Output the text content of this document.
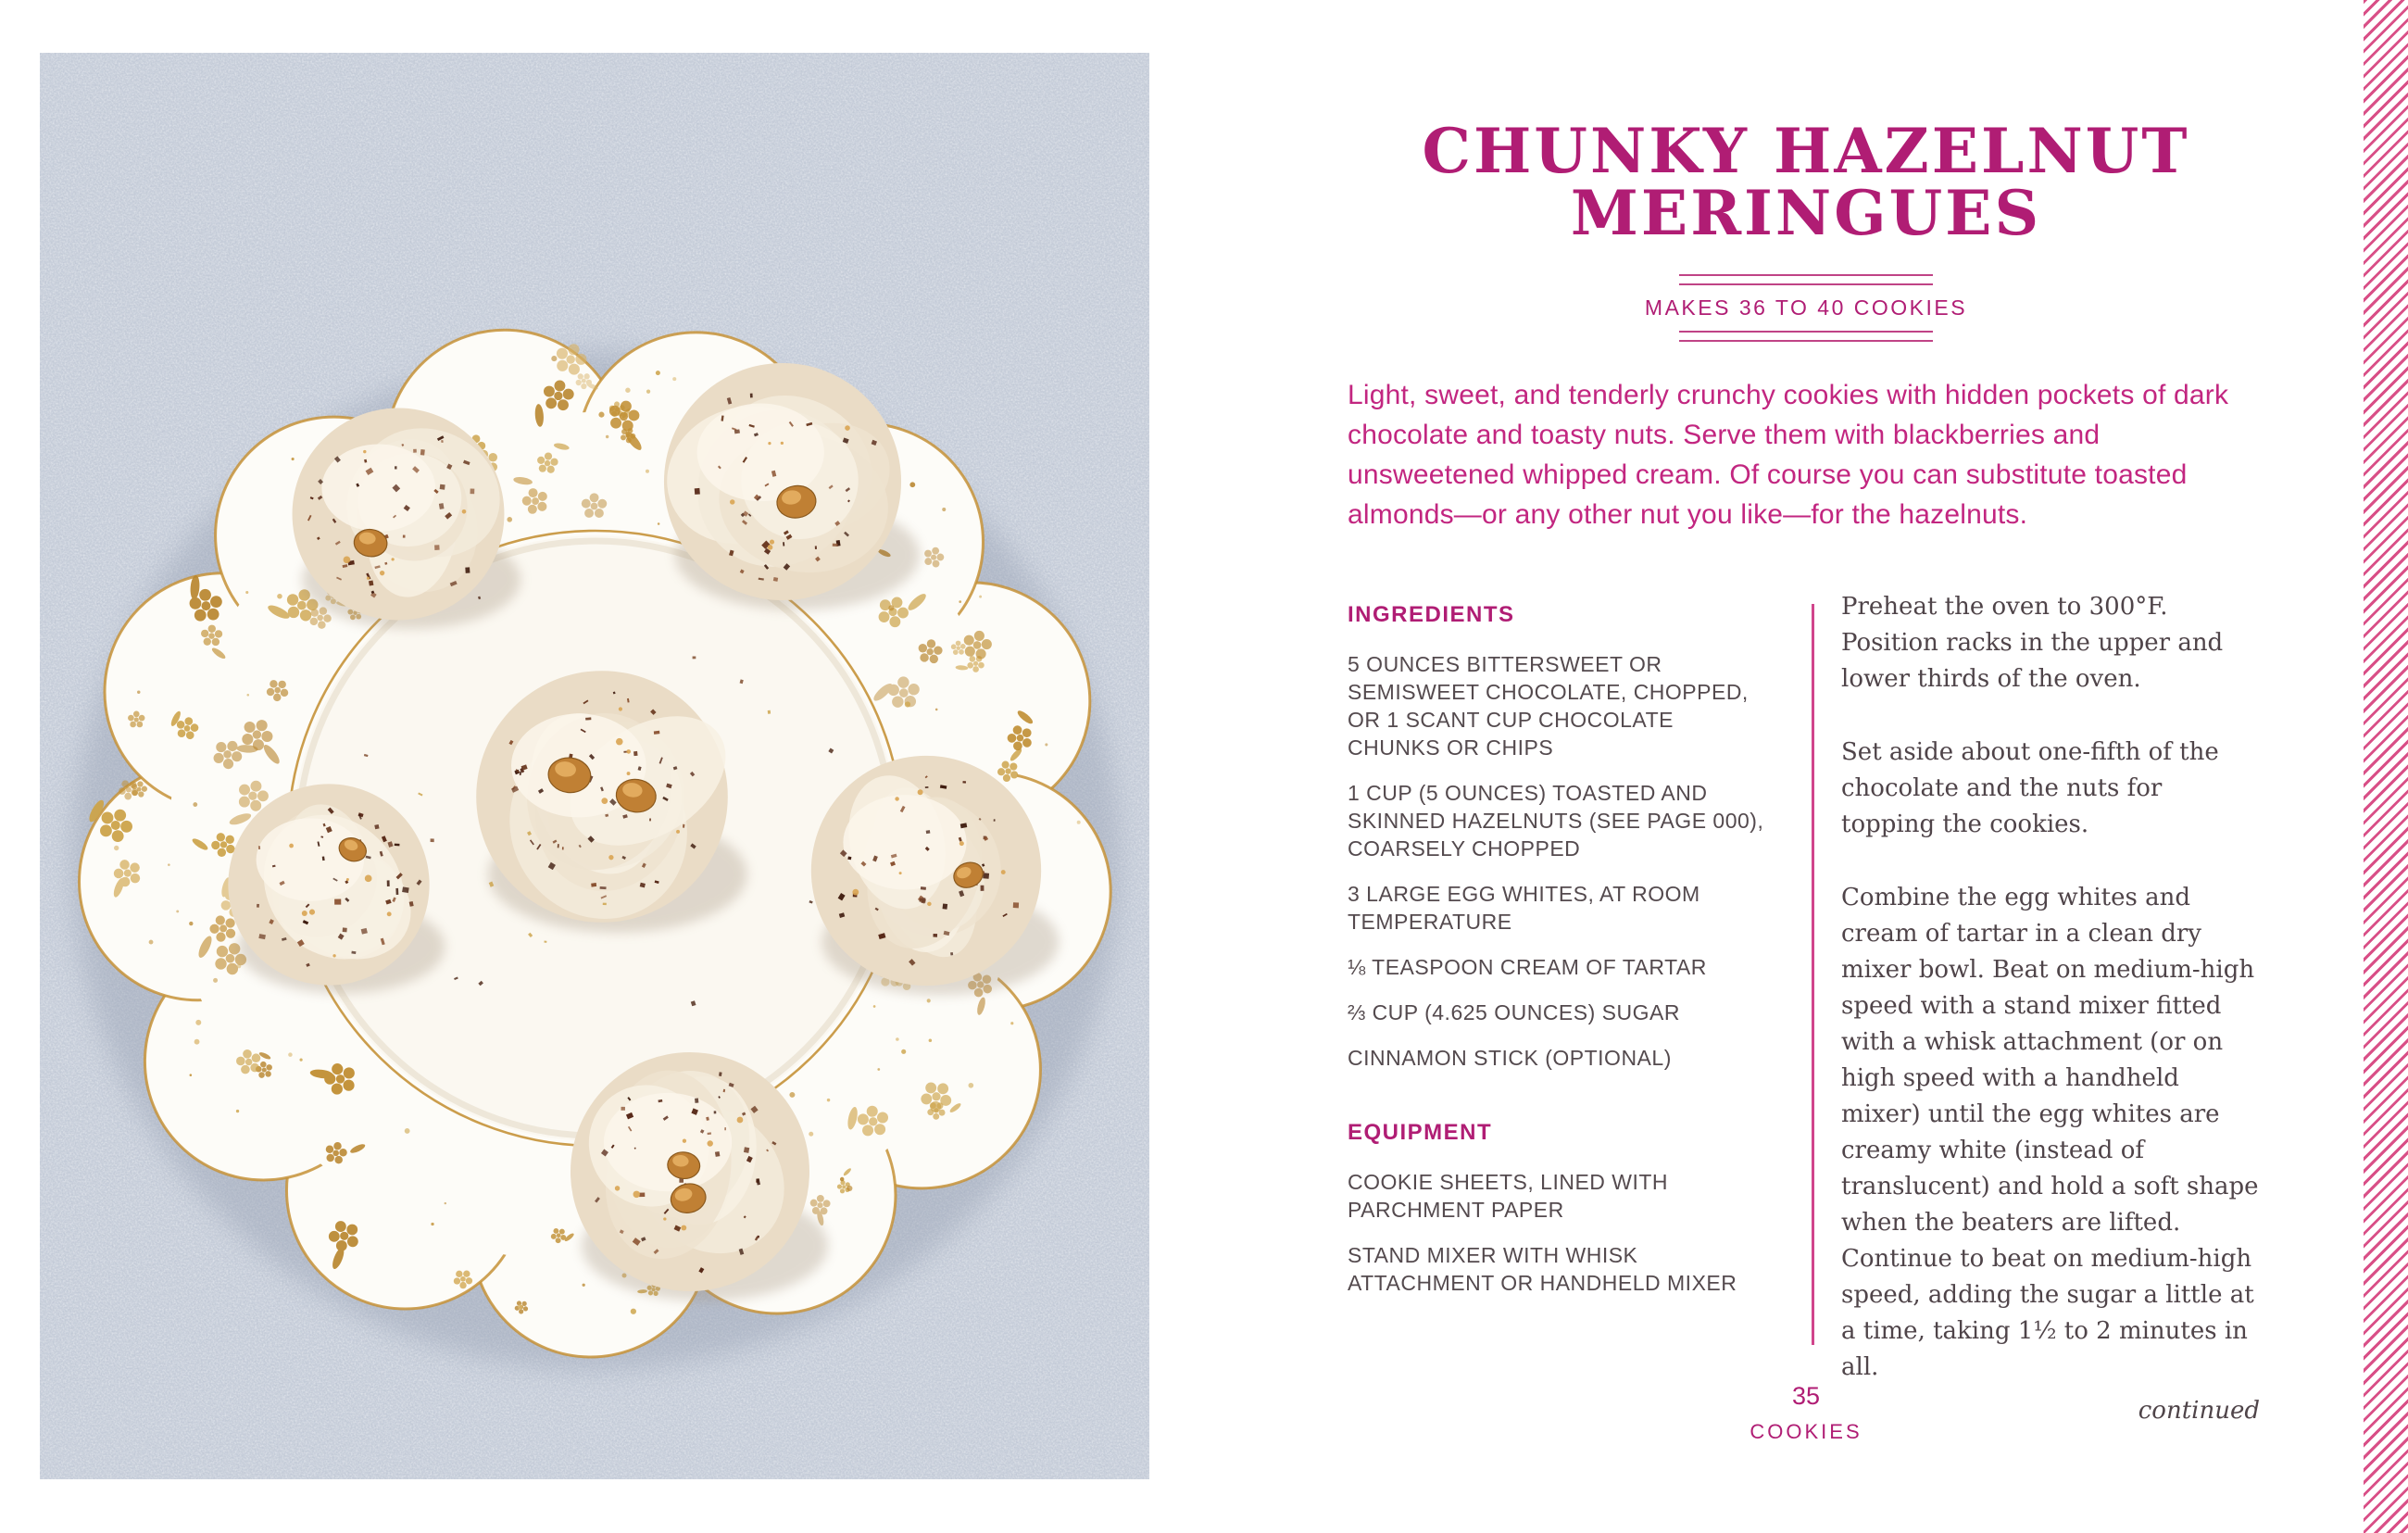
CHUNKY HAZELNUT
MERINGUES
MAKES 36 TO 40 COOKIES
Light, sweet, and tenderly crunchy cookies with hidden pockets of dark chocolate and toasty nuts. Serve them with blackberries and unsweetened whipped cream. Of course you can substitute toasted almonds—or any other nut you like—for the hazelnuts.
INGREDIENTS

5 OUNCES BITTERSWEET OR SEMISWEET CHOCOLATE, CHOPPED, OR 1 SCANT CUP CHOCOLATE CHUNKS OR CHIPS

1 CUP (5 OUNCES) TOASTED AND SKINNED HAZELNUTS (SEE PAGE 000), COARSELY CHOPPED

3 LARGE EGG WHITES, AT ROOM TEMPERATURE

⅛ TEASPOON CREAM OF TARTAR

⅔ CUP (4.625 OUNCES) SUGAR

CINNAMON STICK (OPTIONAL)

EQUIPMENT

COOKIE SHEETS, LINED WITH PARCHMENT PAPER

STAND MIXER WITH WHISK ATTACHMENT OR HANDHELD MIXER

Preheat the oven to 300°F. Position racks in the upper and lower thirds of the oven.

Set aside about one-fifth of the chocolate and the nuts for topping the cookies.

Combine the egg whites and cream of tartar in a clean dry mixer bowl. Beat on medium-high speed with a stand mixer fitted with a whisk attachment (or on high speed with a handheld mixer) until the egg whites are creamy white (instead of translucent) and hold a soft shape when the beaters are lifted. Continue to beat on medium-high speed, adding the sugar a little at a time, taking 1½ to 2 minutes in all.

continued

35
COOKIES
